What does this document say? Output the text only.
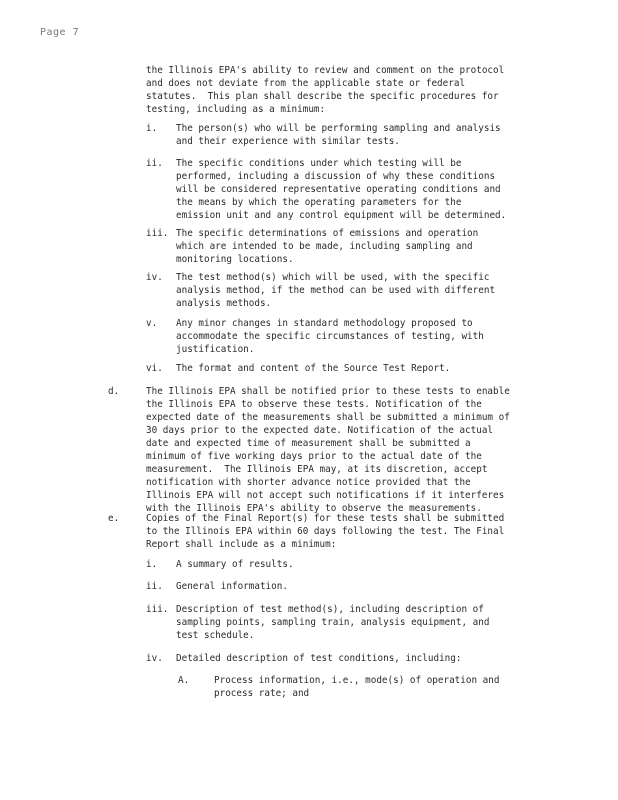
Page 7
the Illinois EPA's ability to review and comment on the protocol
and does not deviate from the applicable state or federal
statutes.  This plan shall describe the specific procedures for
testing, including as a minimum:
i. The person(s) who will be performing sampling and analysis
and their experience with similar tests.
ii. The specific conditions under which testing will be
performed, including a discussion of why these conditions
will be considered representative operating conditions and
the means by which the operating parameters for the
emission unit and any control equipment will be determined.
iii. The specific determinations of emissions and operation
which are intended to be made, including sampling and
monitoring locations.
iv. The test method(s) which will be used, with the specific
analysis method, if the method can be used with different
analysis methods.
v. Any minor changes in standard methodology proposed to
accommodate the specific circumstances of testing, with
justification.
vi. The format and content of the Source Test Report.
d.	The Illinois EPA shall be notified prior to these tests to enable
the Illinois EPA to observe these tests. Notification of the
expected date of the measurements shall be submitted a minimum of
30 days prior to the expected date. Notification of the actual
date and expected time of measurement shall be submitted a
minimum of five working days prior to the actual date of the
measurement.  The Illinois EPA may, at its discretion, accept
notification with shorter advance notice provided that the
Illinois EPA will not accept such notifications if it interferes
with the Illinois EPA's ability to observe the measurements.
e.	Copies of the Final Report(s) for these tests shall be submitted
to the Illinois EPA within 60 days following the test. The Final
Report shall include as a minimum:
i. A summary of results.
ii. General information.
iii. Description of test method(s), including description of
sampling points, sampling train, analysis equipment, and
test schedule.
iv. Detailed description of test conditions, including:
A.	Process information, i.e., mode(s) of operation and
process rate; and
